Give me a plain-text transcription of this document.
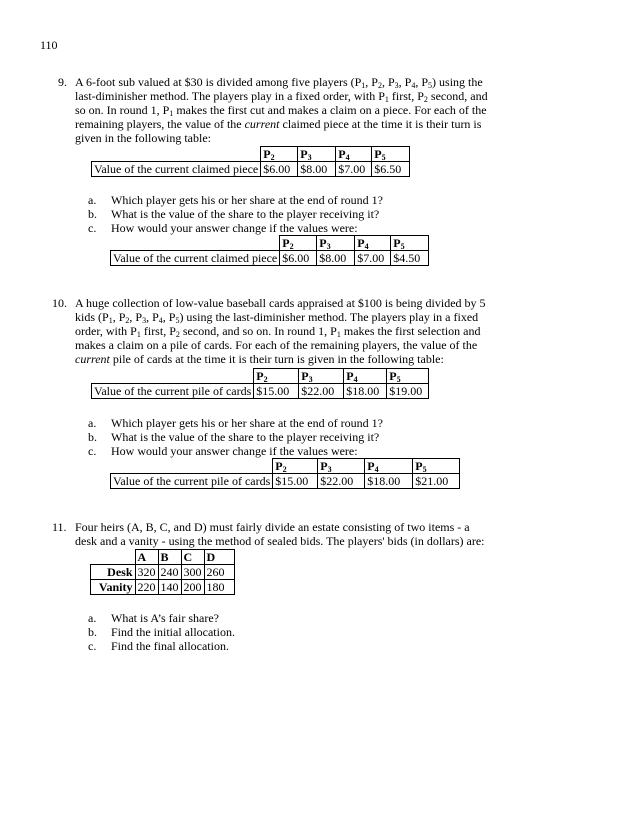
110
9. A 6-foot sub valued at $30 is divided among five players ($P_1$, $P_2$, $P_3$, $P_4$, $P_5$) using the
last-diminisher method. The players play in a fixed order, with $P_1$ first, $P_2$ second, and
so on. In round 1, $P_1$ makes the first cut and makes a claim on a piece. For each of the
remaining players, the value of the current claimed piece at the time it is their turn is
given in the following table:

	$P_2$	$P_3$	$P_4$	$P_5$
Value of the current claimed piece	$6.00	$8.00	$7.00	$6.50
a. Which player gets his or her share at the end of round 1?
b. What is the value of the share to the player receiving it?
c. How would your answer change if the values were:
	$P_2$	$P_3$	$P_4$	$P_5$
Value of the current claimed piece	$6.00	$8.00	$7.00	$4.50
10. A huge collection of low-value baseball cards appraised at $100 is being divided by 5
kids ($P_1$, $P_2$, $P_3$, $P_4$, $P_5$) using the last-diminisher method. The players play in a fixed
order, with $P_1$ first, $P_2$ second, and so on. In round 1, $P_1$ makes the first selection and
makes a claim on a pile of cards. For each of the remaining players, the value of the
current pile of cards at the time it is their turn is given in the following table:

	$P_2$	$P_3$	$P_4$	$P_5$
Value of the current pile of cards	$15.00	$22.00	$18.00	$19.00
a. Which player gets his or her share at the end of round 1?
b. What is the value of the share to the player receiving it?
c. How would your answer change if the values were:
	$P_2$	$P_3$	$P_4$	$P_5$
Value of the current pile of cards	$15.00	$22.00	$18.00	$21.00
11. Four heirs (A, B, C, and D) must fairly divide an estate consisting of two items - a
desk and a vanity - using the method of sealed bids. The players' bids (in dollars) are:

	A	B	C	D
Desk	320	240	300	260
Vanity	220	140	200	180
a. What is A’s fair share?
b. Find the initial allocation.
c. Find the final allocation.
